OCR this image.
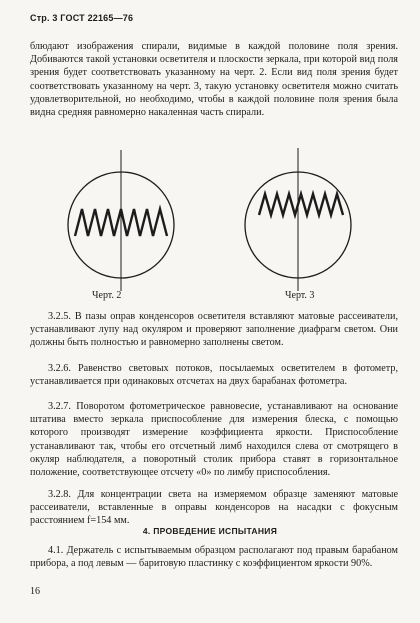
Стр. 3 ГОСТ 22165—76

блюдают изображения спирали, видимые в каждой половине поля зрения. Добиваются такой установки осветителя и плоскости зеркала, при которой вид поля зрения будет соответствовать указанному на черт. 2. Если вид поля зрения будет соответствовать указанному на черт. 3, такую установку осветителя можно считать удовлетворительной, но необходимо, чтобы в каждой половине поля зрения была видна средняя равномерно накаленная часть спирали.

Черт. 2	Черт. 3

3.2.5. В пазы оправ конденсоров осветителя вставляют матовые рассеиватели, устанавливают лупу над окуляром и проверяют заполнение диафрагм светом. Они должны быть полностью и равномерно заполнены светом.

3.2.6. Равенство световых потоков, посылаемых осветителем в фотометр, устанавливается при одинаковых отсчетах на двух барабанах фотометра.

3.2.7. Поворотом фотометрическое равновесие, устанавливают на основание штатива вместо зеркала приспособление для измерения блеска, с помощью которого производят измерение коэффициента яркости. Приспособление устанавливают так, чтобы его отсчетный лимб находился слева от смотрящего в окуляр наблюдателя, а поворотный столик прибора ставят в горизонтальное положение, соответствующее отсчету «0» по лимбу приспособления.

3.2.8. Для концентрации света на измеряемом образце заменяют матовые рассеиватели, вставленные в оправы конденсоров на насадки с фокусным расстоянием f=154 мм.

4. ПРОВЕДЕНИЕ ИСПЫТАНИЯ

4.1. Держатель с испытываемым образцом располагают под правым барабаном прибора, а под левым — баритовую пластинку с коэффициентом яркости 90%.

16
